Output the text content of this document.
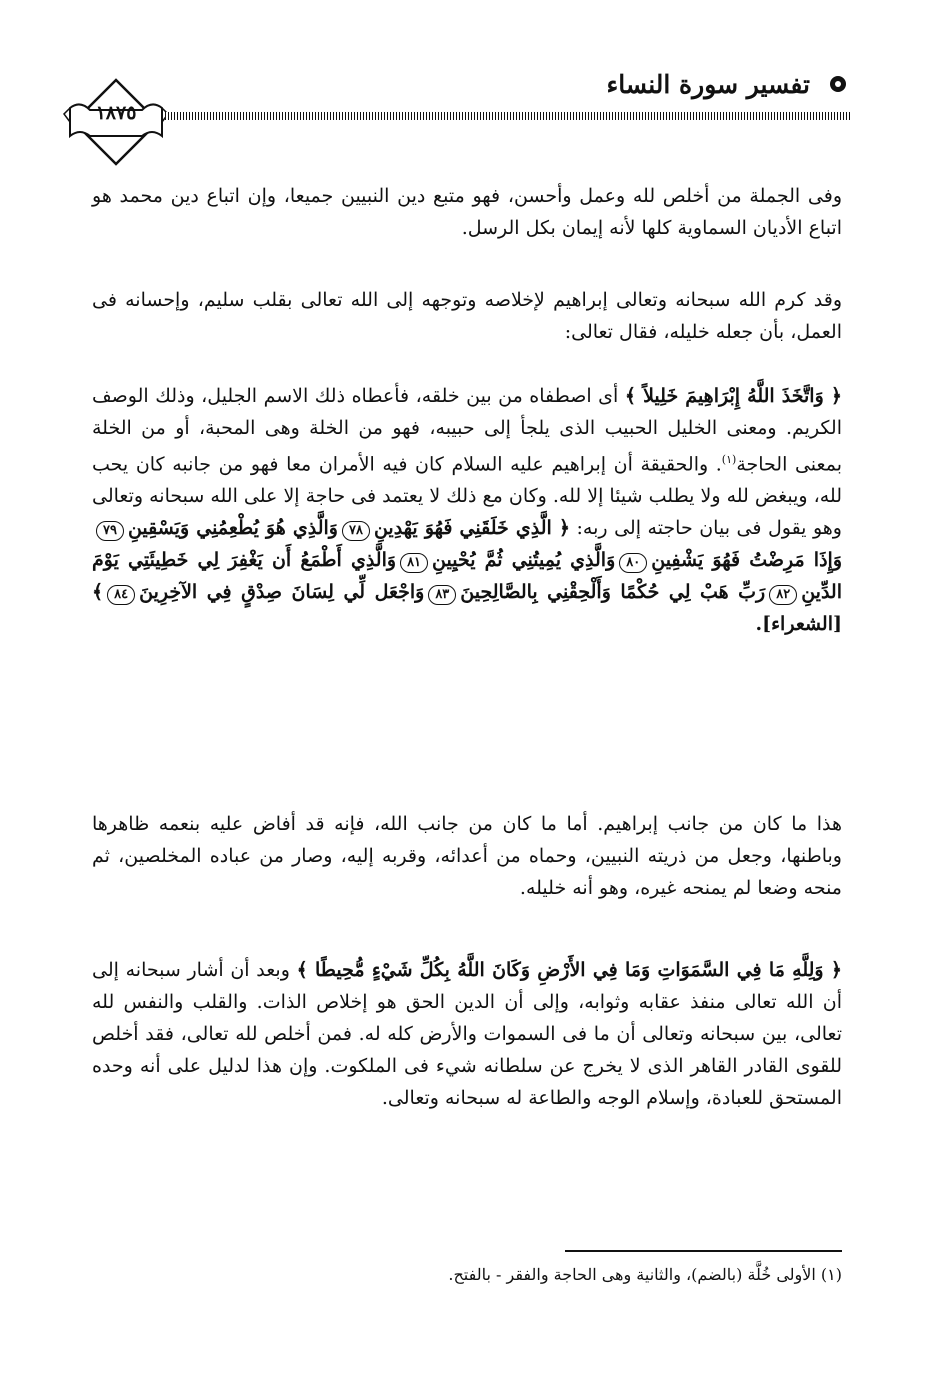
١٨٧٥
تفسير سورة النساء

وفى الجملة من أخلص لله وعمل وأحسن، فهو متبع دين النبيين جميعا، وإن اتباع دين محمد هو اتباع الأديان السماوية كلها لأنه إيمان بكل الرسل.

وقد كرم الله سبحانه وتعالى إبراهيم لإخلاصه وتوجهه إلى الله تعالى بقلب سليم، وإحسانه فى العمل، بأن جعله خليله، فقال تعالى:

﴿ وَاتَّخَذَ اللَّهُ إِبْرَاهِيمَ خَلِيلاً ﴾ أى اصطفاه من بين خلقه، فأعطاه ذلك الاسم الجليل، وذلك الوصف الكريم. ومعنى الخليل الحبيب الذى يلجأ إلى حبيبه، فهو من الخلة وهى المحبة، أو من الخلة بمعنى الحاجة$^{(١)}$. والحقيقة أن إبراهيم عليه السلام كان فيه الأمران معا فهو من جانبه كان يحب لله، ويبغض لله ولا يطلب شيئا إلا لله. وكان مع ذلك لا يعتمد فى حاجة إلا على الله سبحانه وتعالى وهو يقول فى بيان حاجته إلى ربه: ﴿ الَّذِي خَلَقَنِي فَهُوَ يَهْدِينِ٧٨وَالَّذِي هُوَ يُطْعِمُنِي وَيَسْقِينِ٧٩وَإِذَا مَرِضْتُ فَهُوَ يَشْفِينِ٨٠وَالَّذِي يُمِيتُنِي ثُمَّ يُحْيِينِ٨١وَالَّذِي أَطْمَعُ أَن يَغْفِرَ لِي خَطِيئَتِي يَوْمَ الدِّينِ٨٢رَبِّ هَبْ لِي حُكْمًا وَأَلْحِقْنِي بِالصَّالِحِينَ٨٣وَاجْعَل لِّي لِسَانَ صِدْقٍ فِي الآخِرِينَ٨٤﴾ [الشعراء].

هذا ما كان من جانب إبراهيم. أما ما كان من جانب الله، فإنه قد أفاض عليه بنعمه ظاهرها وباطنها، وجعل من ذريته النبيين، وحماه من أعدائه، وقربه إليه، وصار من عباده المخلصين، ثم منحه وضعا لم يمنحه غيره، وهو أنه خليله.

﴿ وَلِلَّهِ مَا فِي السَّمَوَاتِ وَمَا فِي الأَرْضِ وَكَانَ اللَّهُ بِكُلِّ شَيْءٍ مُّحِيطًا ﴾ وبعد أن أشار سبحانه إلى أن الله تعالى منفذ عقابه وثوابه، وإلى أن الدين الحق هو إخلاص الذات. والقلب والنفس لله تعالى، بين سبحانه وتعالى أن ما فى السموات والأرض كله له. فمن أخلص لله تعالى، فقد أخلص للقوى القادر القاهر الذى لا يخرج عن سلطانه شيء فى الملكوت. وإن هذا لدليل على أنه وحده المستحق للعبادة، وإسلام الوجه والطاعة له سبحانه وتعالى.

(١) الأولى خُلَّة (بالضم)، والثانية وهى الحاجة والفقر - بالفتح.
